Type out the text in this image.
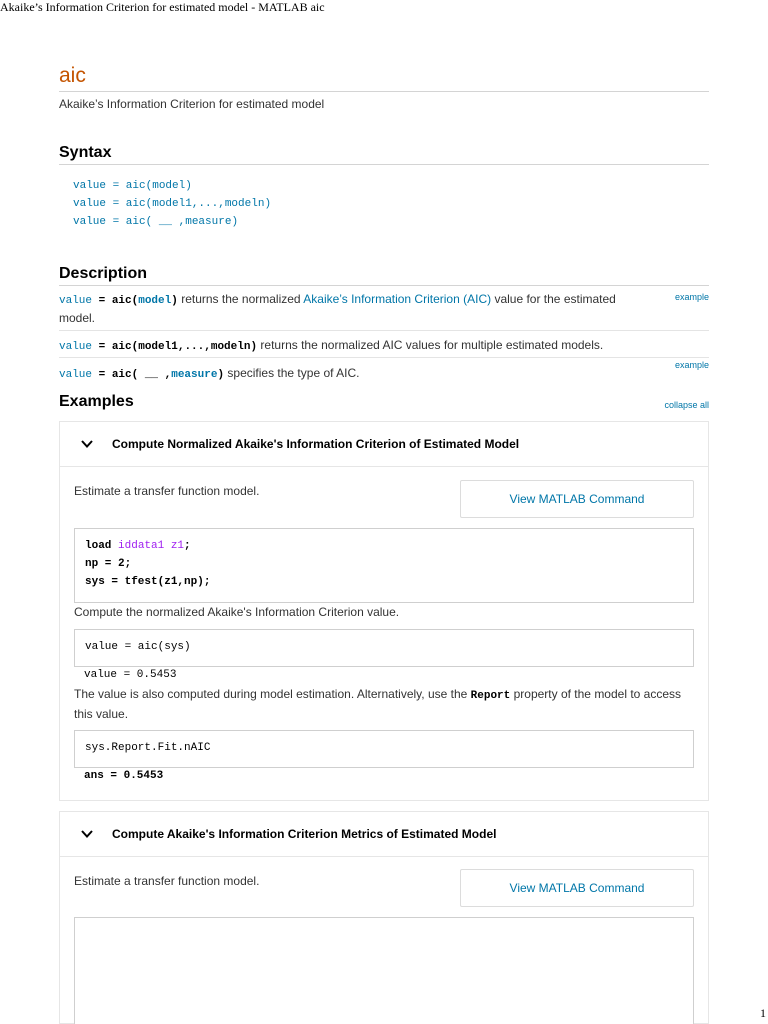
Akaike’s Information Criterion for estimated model - MATLAB aic
aic
Akaike’s Information Criterion for estimated model
Syntax
value = aic(model)
value = aic(model1,...,modeln)
value = aic( __ ,measure)
Description
value = aic(model) returns the normalized Akaike’s Information Criterion (AIC) value for the estimated model.
example
value = aic(model1,...,modeln) returns the normalized AIC values for multiple estimated models.
value = aic( __ ,measure) specifies the type of AIC.
example
Examples	collapse all
Compute Normalized Akaike's Information Criterion of Estimated Model
Estimate a transfer function model.
View MATLAB Command
load iddata1 z1;
np = 2;
sys = tfest(z1,np);
Compute the normalized Akaike's Information Criterion value.
value = aic(sys)
value = 0.5453
The value is also computed during model estimation. Alternatively, use the Report property of the model to access this value.
sys.Report.Fit.nAIC
ans = 0.5453
Compute Akaike's Information Criterion Metrics of Estimated Model
Estimate a transfer function model.	View MATLAB Command
1
